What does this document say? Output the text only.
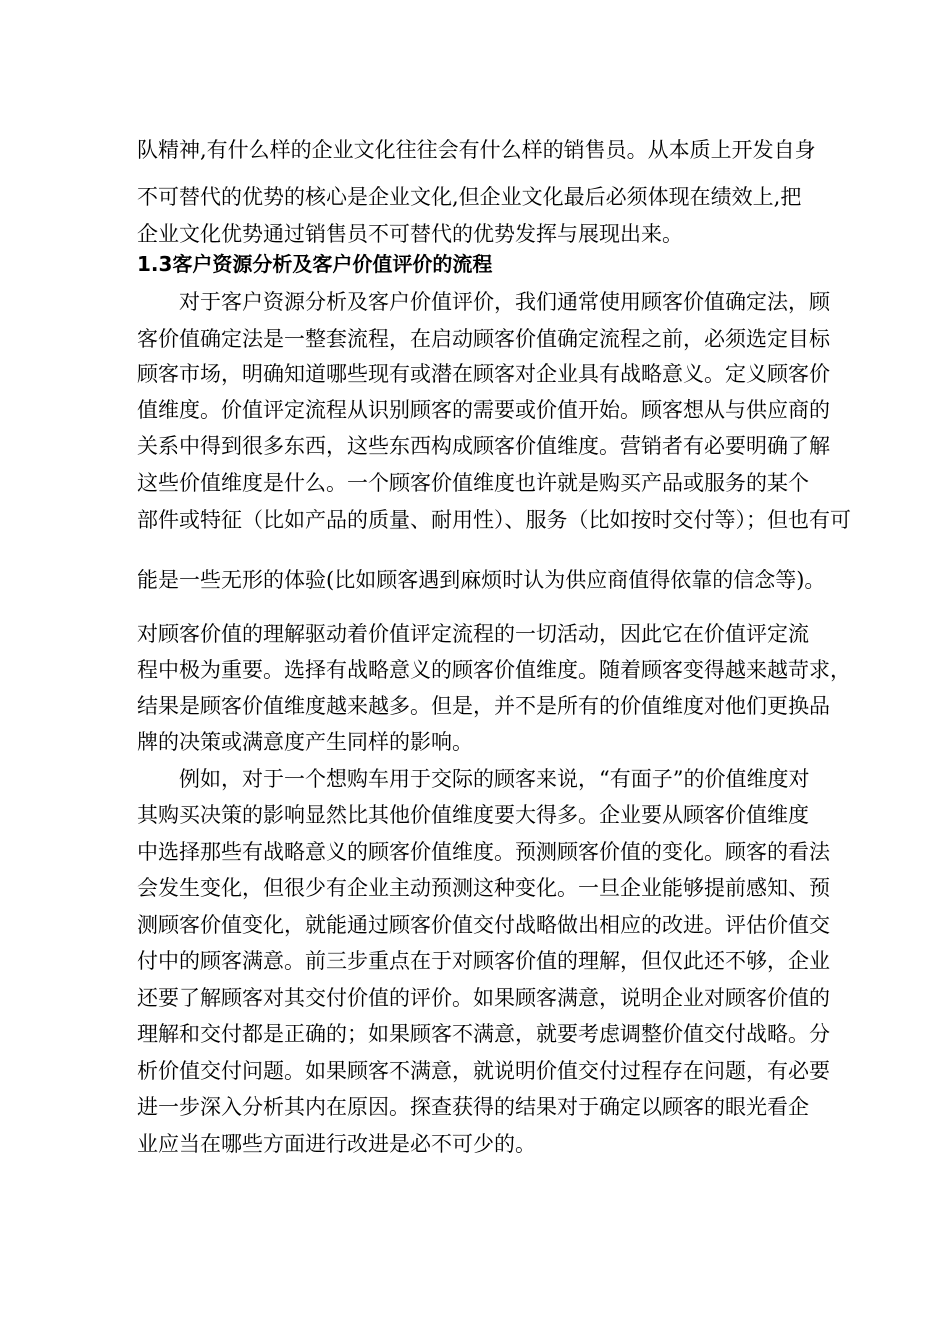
队精神,有什么样的企业文化往往会有什么样的销售员。从本质上开发自身
不可替代的优势的核心是企业文化,但企业文化最后必须体现在绩效上,把
企业文化优势通过销售员不可替代的优势发挥与展现出来。
1.3客户资源分析及客户价值评价的流程
对于客户资源分析及客户价值评价，我们通常使用顾客价值确定法，顾
客价值确定法是一整套流程，在启动顾客价值确定流程之前，必须选定目标
顾客市场，明确知道哪些现有或潜在顾客对企业具有战略意义。定义顾客价
值维度。价值评定流程从识别顾客的需要或价值开始。顾客想从与供应商的
关系中得到很多东西，这些东西构成顾客价值维度。营销者有必要明确了解
这些价值维度是什么。一个顾客价值维度也许就是购买产品或服务的某个
部件或特征（比如产品的质量、耐用性）、服务（比如按时交付等）；但也有可
能是一些无形的体验(比如顾客遇到麻烦时认为供应商值得依靠的信念等)。
对顾客价值的理解驱动着价值评定流程的一切活动，因此它在价值评定流
程中极为重要。选择有战略意义的顾客价值维度。随着顾客变得越来越苛求，
结果是顾客价值维度越来越多。但是，并不是所有的价值维度对他们更换品
牌的决策或满意度产生同样的影响。
例如，对于一个想购车用于交际的顾客来说，“有面子”的价值维度对
其购买决策的影响显然比其他价值维度要大得多。企业要从顾客价值维度
中选择那些有战略意义的顾客价值维度。预测顾客价值的变化。顾客的看法
会发生变化，但很少有企业主动预测这种变化。一旦企业能够提前感知、预
测顾客价值变化，就能通过顾客价值交付战略做出相应的改进。评估价值交
付中的顾客满意。前三步重点在于对顾客价值的理解，但仅此还不够，企业
还要了解顾客对其交付价值的评价。如果顾客满意，说明企业对顾客价值的
理解和交付都是正确的；如果顾客不满意，就要考虑调整价值交付战略。分
析价值交付问题。如果顾客不满意，就说明价值交付过程存在问题，有必要
进一步深入分析其内在原因。探查获得的结果对于确定以顾客的眼光看企
业应当在哪些方面进行改进是必不可少的。
